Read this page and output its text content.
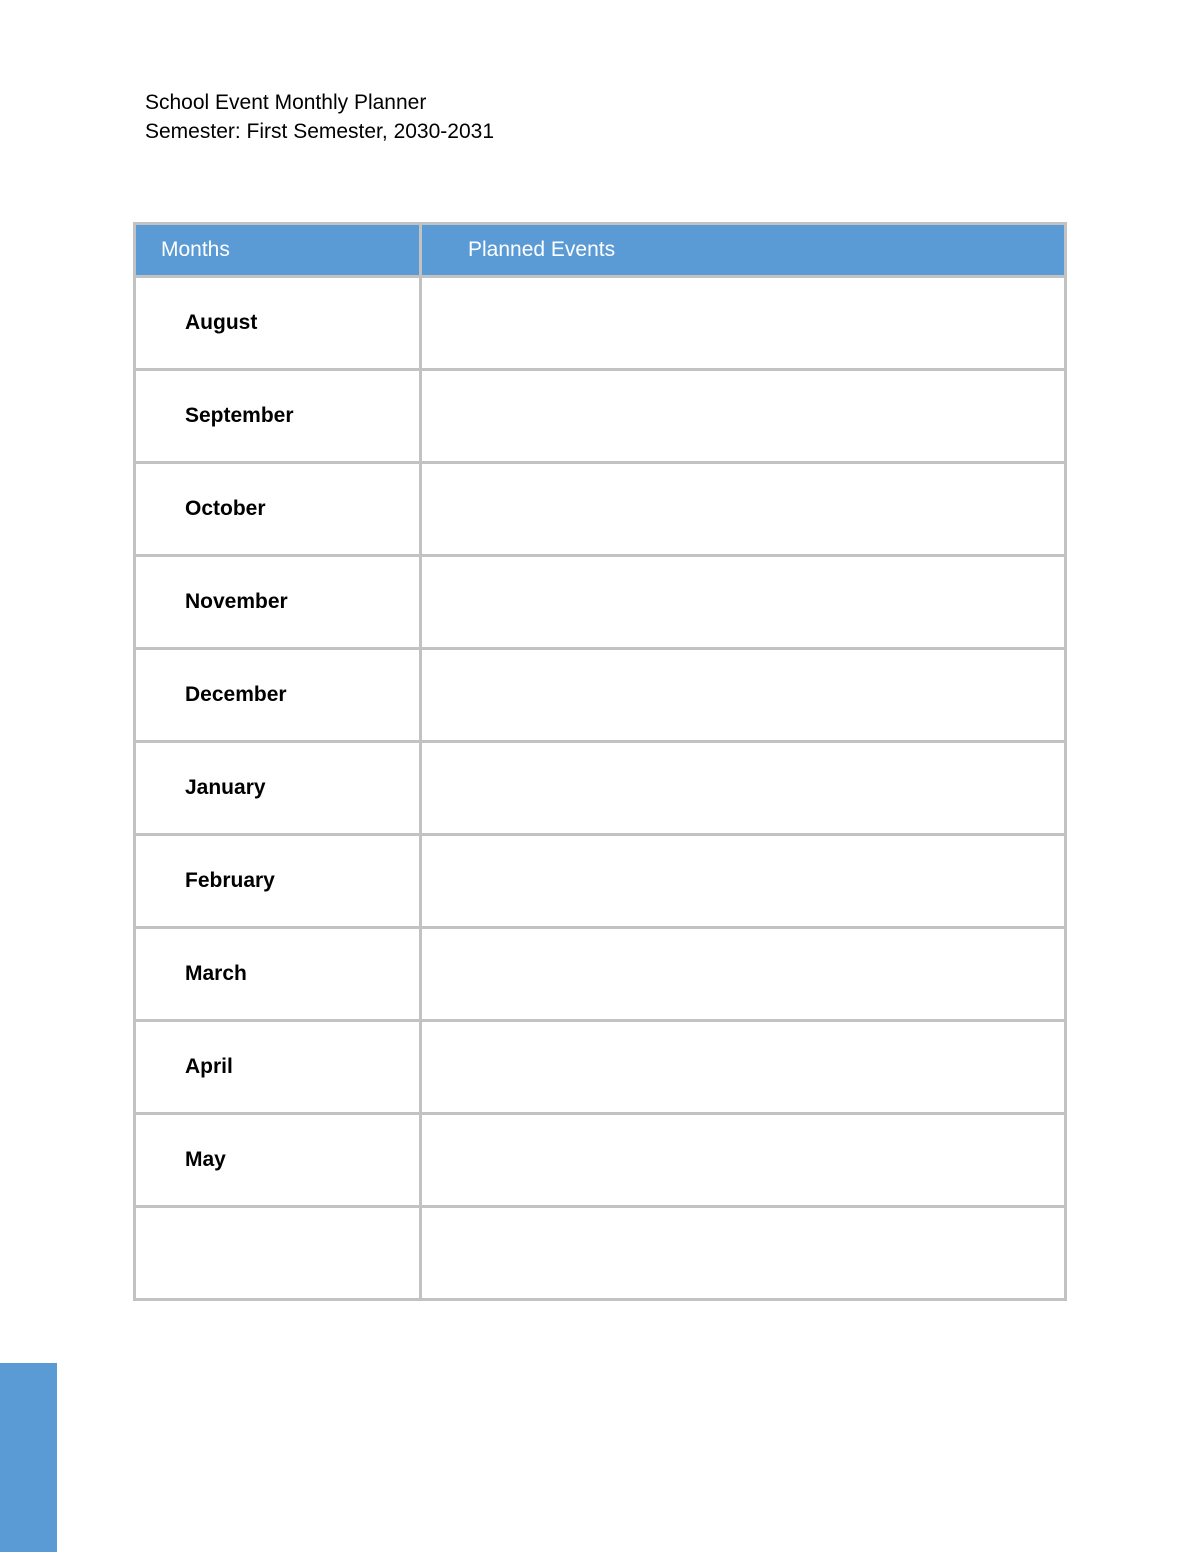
School Event Monthly Planner
Semester: First Semester, 2030-2031
Months	Planned Events
August	
September	
October	
November	
December	
January	
February	
March	
April	
May	
